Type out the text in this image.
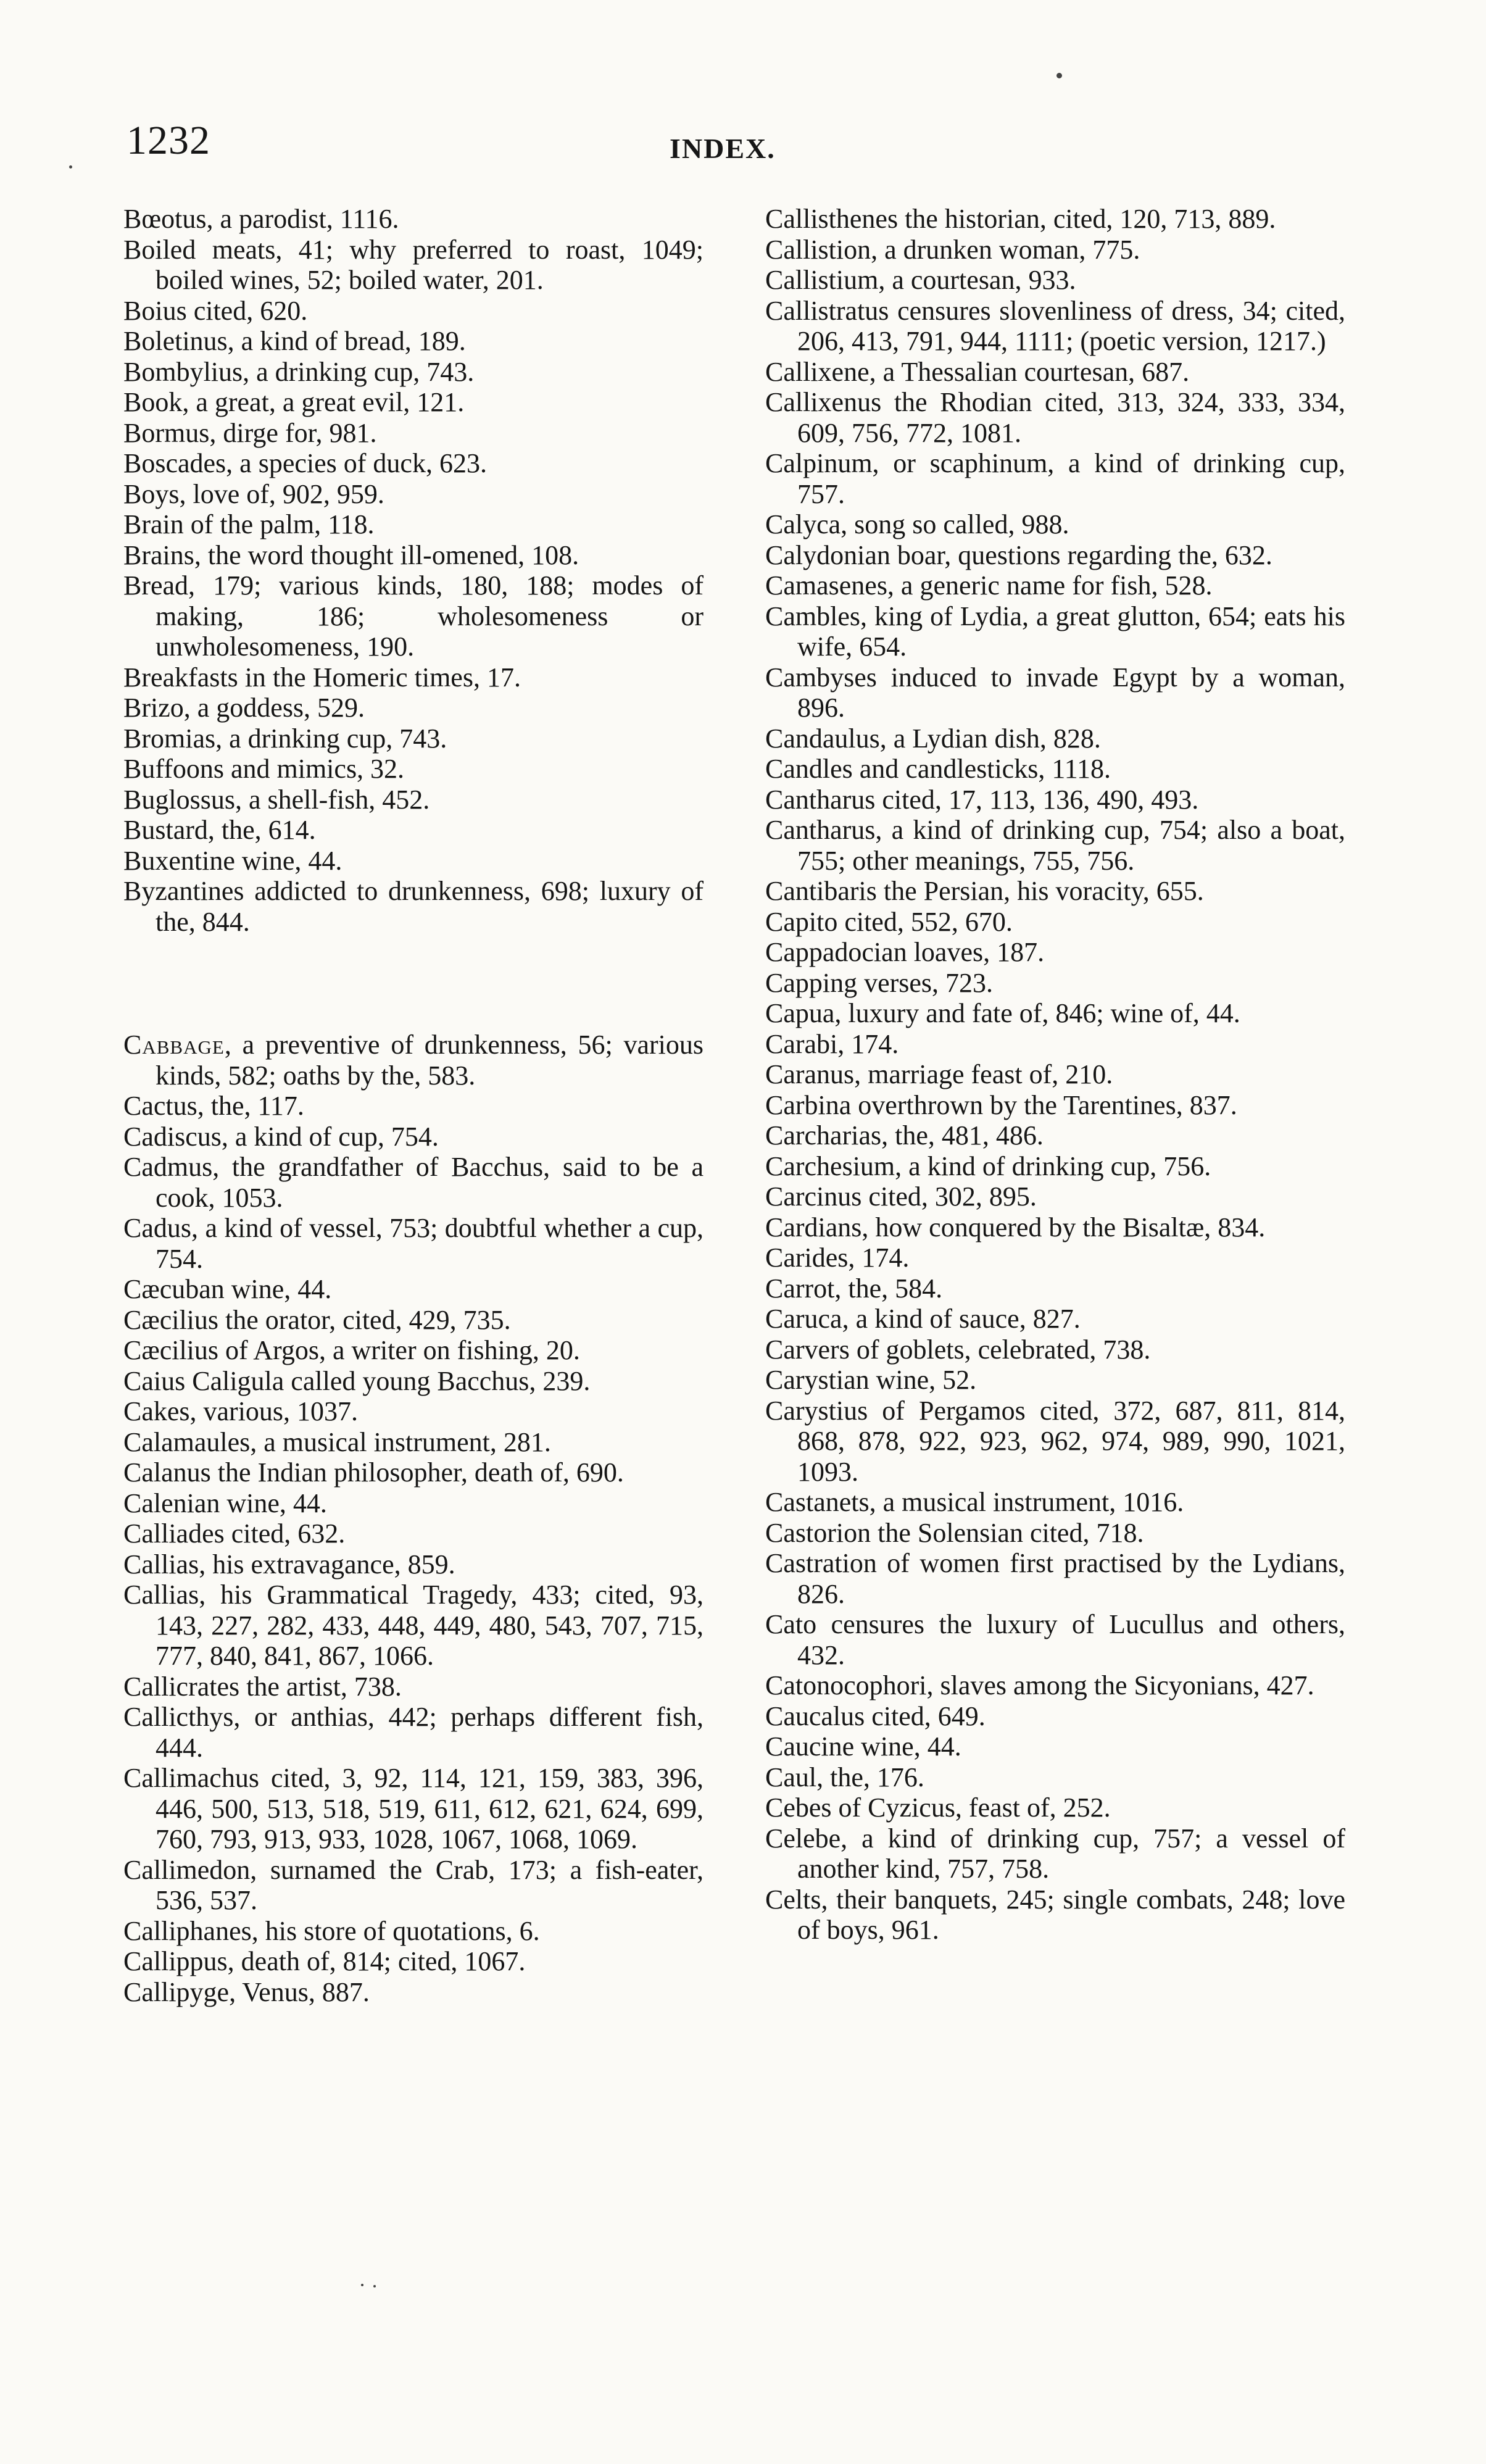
1232	INDEX.

Bœotus, a parodist, 1116.

Boiled meats, 41; why preferred to roast, 1049; boiled wines, 52; boiled water, 201.

Boius cited, 620.

Boletinus, a kind of bread, 189.

Bombylius, a drinking cup, 743.

Book, a great, a great evil, 121.

Bormus, dirge for, 981.

Boscades, a species of duck, 623.

Boys, love of, 902, 959.

Brain of the palm, 118.

Brains, the word thought ill-omened, 108.

Bread, 179; various kinds, 180, 188; modes of making, 186; wholesomeness or unwholesomeness, 190.

Breakfasts in the Homeric times, 17.

Brizo, a goddess, 529.

Bromias, a drinking cup, 743.

Buffoons and mimics, 32.

Buglossus, a shell-fish, 452.

Bustard, the, 614.

Buxentine wine, 44.

Byzantines addicted to drunkenness, 698; luxury of the, 844.

Cabbage, a preventive of drunkenness, 56; various kinds, 582; oaths by the, 583.

Cactus, the, 117.

Cadiscus, a kind of cup, 754.

Cadmus, the grandfather of Bacchus, said to be a cook, 1053.

Cadus, a kind of vessel, 753; doubtful whether a cup, 754.

Cæcuban wine, 44.

Cæcilius the orator, cited, 429, 735.

Cæcilius of Argos, a writer on fishing, 20.

Caius Caligula called young Bacchus, 239.

Cakes, various, 1037.

Calamaules, a musical instrument, 281.

Calanus the Indian philosopher, death of, 690.

Calenian wine, 44.

Calliades cited, 632.

Callias, his extravagance, 859.

Callias, his Grammatical Tragedy, 433; cited, 93, 143, 227, 282, 433, 448, 449, 480, 543, 707, 715, 777, 840, 841, 867, 1066.

Callicrates the artist, 738.

Callicthys, or anthias, 442; perhaps different fish, 444.

Callimachus cited, 3, 92, 114, 121, 159, 383, 396, 446, 500, 513, 518, 519, 611, 612, 621, 624, 699, 760, 793, 913, 933, 1028, 1067, 1068, 1069.

Callimedon, surnamed the Crab, 173; a fish-eater, 536, 537.

Calliphanes, his store of quotations, 6.

Callippus, death of, 814; cited, 1067.

Callipyge, Venus, 887.

Callisthenes the historian, cited, 120, 713, 889.

Callistion, a drunken woman, 775.

Callistium, a courtesan, 933.

Callistratus censures slovenliness of dress, 34; cited, 206, 413, 791, 944, 1111; (poetic version, 1217.)

Callixene, a Thessalian courtesan, 687.

Callixenus the Rhodian cited, 313, 324, 333, 334, 609, 756, 772, 1081.

Calpinum, or scaphinum, a kind of drinking cup, 757.

Calyca, song so called, 988.

Calydonian boar, questions regarding the, 632.

Camasenes, a generic name for fish, 528.

Cambles, king of Lydia, a great glutton, 654; eats his wife, 654.

Cambyses induced to invade Egypt by a woman, 896.

Candaulus, a Lydian dish, 828.

Candles and candlesticks, 1118.

Cantharus cited, 17, 113, 136, 490, 493.

Cantharus, a kind of drinking cup, 754; also a boat, 755; other meanings, 755, 756.

Cantibaris the Persian, his voracity, 655.

Capito cited, 552, 670.

Cappadocian loaves, 187.

Capping verses, 723.

Capua, luxury and fate of, 846; wine of, 44.

Carabi, 174.

Caranus, marriage feast of, 210.

Carbina overthrown by the Tarentines, 837.

Carcharias, the, 481, 486.

Carchesium, a kind of drinking cup, 756.

Carcinus cited, 302, 895.

Cardians, how conquered by the Bisaltæ, 834.

Carides, 174.

Carrot, the, 584.

Caruca, a kind of sauce, 827.

Carvers of goblets, celebrated, 738.

Carystian wine, 52.

Carystius of Pergamos cited, 372, 687, 811, 814, 868, 878, 922, 923, 962, 974, 989, 990, 1021, 1093.

Castanets, a musical instrument, 1016.

Castorion the Solensian cited, 718.

Castration of women first practised by the Lydians, 826.

Cato censures the luxury of Lucullus and others, 432.

Catonocophori, slaves among the Sicyonians, 427.

Caucalus cited, 649.

Caucine wine, 44.

Caul, the, 176.

Cebes of Cyzicus, feast of, 252.

Celebe, a kind of drinking cup, 757; a vessel of another kind, 757, 758.

Celts, their banquets, 245; single combats, 248; love of boys, 961.
